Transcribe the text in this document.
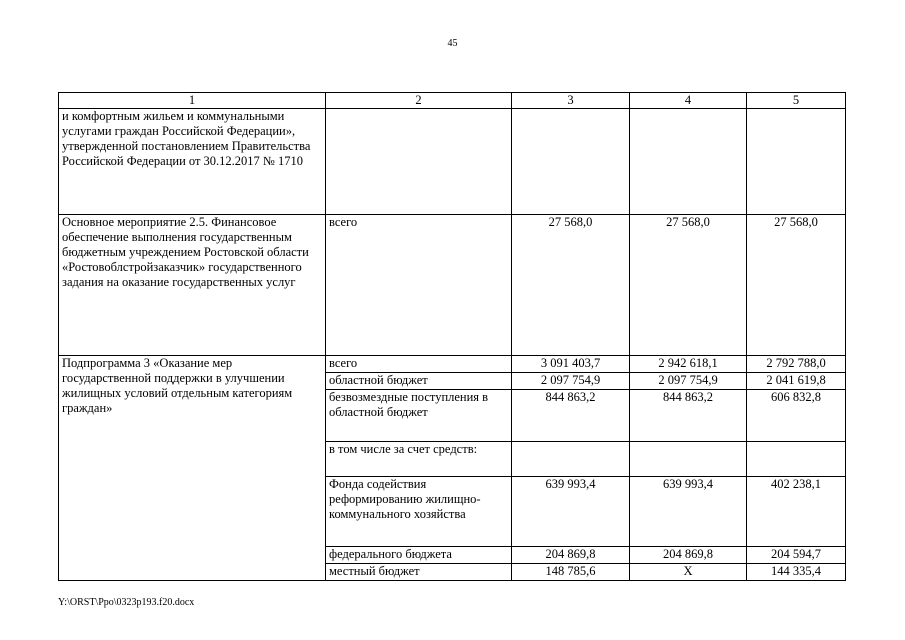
45
1	2	3	4	5
и комфортным жильем и коммунальными услугами граждан Российской Федерации», утвержденной постановлением Правительства Российской Федерации от 30.12.2017 № 1710				
Основное мероприятие 2.5. Финансовое обеспечение выполнения государственным бюджетным учреждением Ростовской области «Ростовоблстройзаказчик» государственного задания на оказание государственных услуг	всего	27 568,0	27 568,0	27 568,0
Подпрограмма 3 «Оказание мер государственной поддержки в улучшении жилищных условий отдельным категориям граждан»	всего	3 091 403,7	2 942 618,1	2 792 788,0
	областной бюджет	2 097 754,9	2 097 754,9	2 041 619,8
	безвозмездные поступления в областной бюджет	844 863,2	844 863,2	606 832,8
	в том числе за счет средств:			
	Фонда содействия реформированию жилищно-коммунального хозяйства	639 993,4	639 993,4	402 238,1
	федерального бюджета	204 869,8	204 869,8	204 594,7
	местный бюджет	148 785,6	Х	144 335,4
Y:\ORST\Ppo\0323p193.f20.docx
